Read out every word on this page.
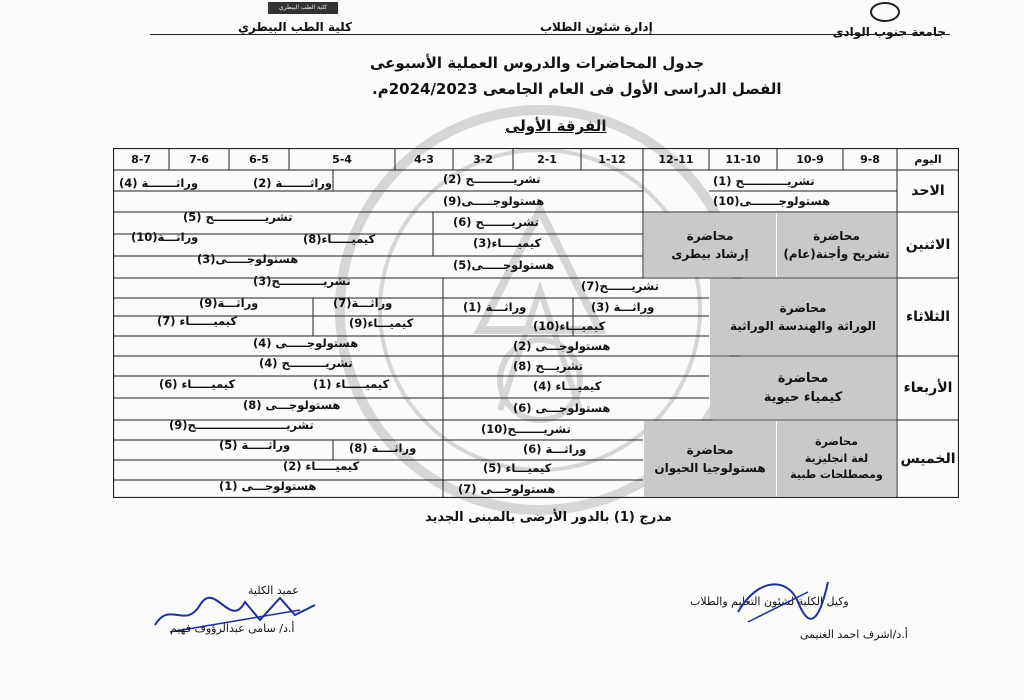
جامعة جنوب الوادى
إدارة شئون الطلاب
كلية الطب البيطري
كلية الطب البيطري
جدول المحاضرات والدروس العملية الأسبوعى
الفصل الدراسى الأول فى العام الجامعى 2024/2023م.
الفرقة الأولى
اليوم
9-8
10-9
11-10
12-11
1-12
2-1
3-2
4-3
5-4
6-5
7-6
8-7
الاحد
الاثنين
الثلاثاء
الأربعاء
الخميس
محاضرة
تشريح وأجنة(عام)
محاضرة
إرشاد بيطرى
محاضرة
الوراثة والهندسة الوراثية
محاضرة
كيمياء حيوية
محاضرة
لغة انجليزية
ومصطلحات طبية
محاضرة
هستولوجيا الحيوان
تشريـــــــــــح (1)
هستولوجـــــــى(10)
تشريــــــــــح (2)
هستولوجـــــى(9)
وراثـــــــة (2)
وراثـــــــة (4)
تشريـــــــح (6)
كيميــــاء(3)
هستولوجـــــى(5)
تشريـــــــــــــح (5)
كيميـــــاء(8)
وراثـــة(10)
هستولوجـــــى(3)
تشريــــــح(7)
وراثـــة (3)
وراثـــة (1)
كيميـــاء(10)
هستولوجـــى (2)
تشريـــــــــــح(3)
وراثـــة(7)
وراثـــة(9)
كيميـــاء(9)
كيميــــــاء (7)
هستولوجـــــى (4)
تشريـــح (8)
كيميـــاء (4)
هستولوجـــى (6)
تشريـــــــــح (4)
كيميـــــاء (1)
كيميـــــاء (6)
هستولوجـــى (8)
تشريـــــــح(10)
وراثـــة (6)
كيميـــاء (5)
هستولوجـــى (7)
تشريـــــــــــــــــــــــح(9)
وراثــــة (8)
وراثـــــة (5)
كيميـــــاء (2)
هستولوجـــى (1)
مدرج (1) بالدور الأرضى بالمبنى الجديد
عميد الكلية
أ.د/ سامى عبدالرؤوف فهيم
وكيل الكلية لشئون التعليم والطلاب
أ.د/اشرف احمد الغنيمى
